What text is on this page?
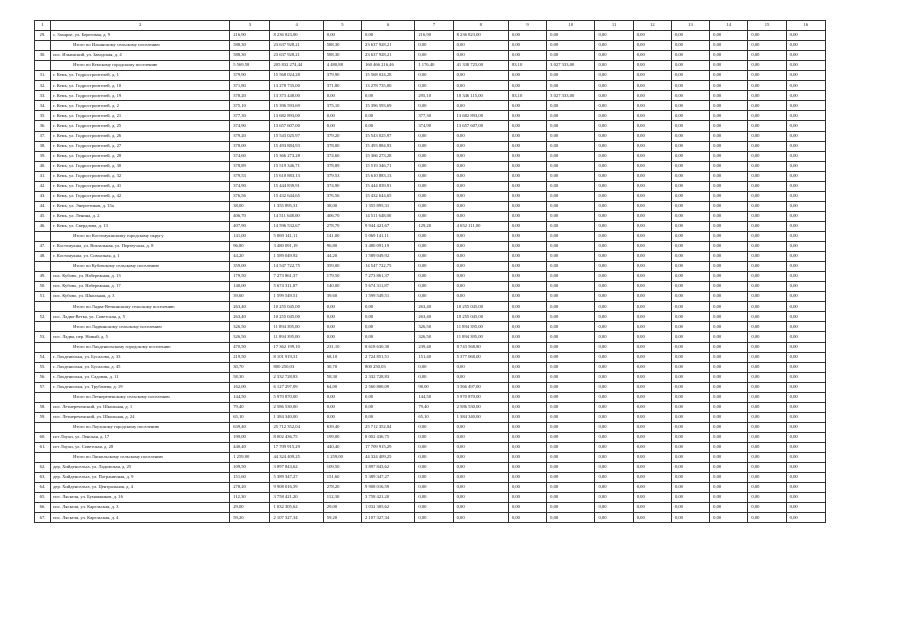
1	2	3	4	5	6	7	8	9	10	11	12	13	14	15	16
29.	с. Захарье, ул. Береговая, д. 9	216,90	8 236 823,00	0,00	0,00	216,90	8 236 823,00	0,00	0,00	0,00	0,00	0,00	0,00	0,00	0,00
	Итого по Ильинскому сельскому поселению	588,30	23 637 928,21	588,30	23 637 928,21	0,00	0,00	0,00	0,00	0,00	0,00	0,00	0,00	0,00	0,00
30.	пос. Ильинский, ул. Заводская, д. 4	588,30	23 637 928,21	588,30	23 637 928,21	0,00	0,00	0,00	0,00	0,00	0,00	0,00	0,00	0,00	0,00
	Итого по Кемскому городскому поселению	5 569,58	205 832 274,44	4 480,88	160 466 216,46	1 176,40	41 338 725,00	83,10	3 027 333,00	0,00	0,00	0,00	0,00	0,00	0,00
31.	г. Кемь, ул. Гидростроителей, д. 1	379,90	15 568 024,28	379,90	15 568 024,28	0,00	0,00	0,00	0,00	0,00	0,00	0,00	0,00	0,00	0,00
32.	г. Кемь, ул. Гидростроителей, д. 10	371,80	13 278 735,00	371,80	13 278 735,00	0,00	0,00	0,00	0,00	0,00	0,00	0,00	0,00	0,00	0,00
33.	г. Кемь, ул. Гидростроителей, д. 19	378,20	13 373 448,00	0,00	0,00	295,10	10 346 115,00	83,10	3 027 333,00	0,00	0,00	0,00	0,00	0,00	0,00
34.	г. Кемь, ул. Гидростроителей, д. 2	375,10	15 396 593,69	375,10	15 396 593,69	0,00	0,00	0,00	0,00	0,00	0,00	0,00	0,00	0,00	0,00
35.	г. Кемь, ул. Гидростроителей, д. 21	377,30	13 682 893,00	0,00	0,00	377,30	13 682 893,00	0,00	0,00	0,00	0,00	0,00	0,00	0,00	0,00
36.	г. Кемь, ул. Гидростроителей, д. 25	374,90	13 657 607,00	0,00	0,00	374,90	13 657 607,00	0,00	0,00	0,00	0,00	0,00	0,00	0,00	0,00
37.	г. Кемь, ул. Гидростроителей, д. 26	379,20	15 543 025,97	379,20	15 543 025,97	0,00	0,00	0,00	0,00	0,00	0,00	0,00	0,00	0,00	0,00
38.	г. Кемь, ул. Гидростроителей, д. 27	378,00	15 493 884,93	378,00	15 493 884,93	0,00	0,00	0,00	0,00	0,00	0,00	0,00	0,00	0,00	0,00
39.	г. Кемь, ул. Гидростроителей, д. 28	374,60	15 366 273,28	374,60	15 366 273,28	0,00	0,00	0,00	0,00	0,00	0,00	0,00	0,00	0,00	0,00
40.	г. Кемь, ул. Гидростроителей, д. 30	378,89	15 519 346,71	378,89	15 519 346,71	0,00	0,00	0,00	0,00	0,00	0,00	0,00	0,00	0,00	0,00
41.	г. Кемь, ул. Гидростроителей, д. 32	379,53	15 610 883,13	379,53	15 610 883,13	0,00	0,00	0,00	0,00	0,00	0,00	0,00	0,00	0,00	0,00
42.	г. Кемь, ул. Гидростроителей, д. 41	374,90	15 444 839,91	374,90	15 444 839,91	0,00	0,00	0,00	0,00	0,00	0,00	0,00	0,00	0,00	0,00
43.	г. Кемь, ул. Гидростроителей, д. 42	376,56	15 432 644,65	376,56	15 432 644,65	0,00	0,00	0,00	0,00	0,00	0,00	0,00	0,00	0,00	0,00
44.	г. Кемь, ул. Энергетиков, д. 15а	38,00	1 355 895,31	38,00	1 355 895,31	0,00	0,00	0,00	0,00	0,00	0,00	0,00	0,00	0,00	0,00
45.	г. Кемь, ул. Ленина, д. 2	406,70	14 511 648,00	406,70	14 511 648,00	0,00	0,00	0,00	0,00	0,00	0,00	0,00	0,00	0,00	0,00
46.	г. Кемь, ул. Свердлова, д. 13	407,90	14 596 532,67	278,70	9 944 421,67	129,20	4 652 111,00	0,00	0,00	0,00	0,00	0,00	0,00	0,00	0,00
	Итого по Костомукшскому городскому округу	141,00	5 069 141,11	141,00	5 069 141,11	0,00	0,00	0,00	0,00	0,00	0,00	0,00	0,00	0,00	0,00
47.	г. Костомукша, ул. Вокзальная, ул. Пертеучала, д. 8	96,80	3 480 091,19	96,80	3 480 091,19	0,00	0,00	0,00	0,00	0,00	0,00	0,00	0,00	0,00	0,00
48.	г. Костомукша, ул. Совхозная, д. 1	44,20	1 589 049,92	44,20	1 589 049,92	0,00	0,00	0,00	0,00	0,00	0,00	0,00	0,00	0,00	0,00
	Итого по Кубовскому сельскому поселению	359,00	14 547 722,75	359,00	14 547 722,75	0,00	0,00	0,00	0,00	0,00	0,00	0,00	0,00	0,00	0,00
49.	пос. Кубово, ул. Набережная, д. 13	179,50	7 273 861,37	179,50	7 273 861,37	0,00	0,00	0,00	0,00	0,00	0,00	0,00	0,00	0,00	0,00
50.	пос. Кубово, ул. Набережная, д. 17	140,00	5 674 311,87	140,00	5 674 311,87	0,00	0,00	0,00	0,00	0,00	0,00	0,00	0,00	0,00	0,00
51.	пос. Кубово, ул. Школьная, д. 3	39,60	1 599 549,51	39,60	1 599 549,51	0,00	0,00	0,00	0,00	0,00	0,00	0,00	0,00	0,00	0,00
	Итого по Ладва-Веткинскому сельскому поселению	263,40	10 255 045,00	0,00	0,00	263,40	10 255 045,00	0,00	0,00	0,00	0,00	0,00	0,00	0,00	0,00
52.	пос. Ладва-Ветка, ул. Советская, д. 5	263,40	10 255 045,00	0,00	0,00	263,40	10 255 045,00	0,00	0,00	0,00	0,00	0,00	0,00	0,00	0,00
	Итого по Ладвинскому сельскому поселению	326,50	11 894 395,00	0,00	0,00	326,50	11 894 395,00	0,00	0,00	0,00	0,00	0,00	0,00	0,00	0,00
53.	пос. Ладва, пер. Новый, д. 5	326,50	11 894 395,00	0,00	0,00	326,50	11 894 395,00	0,00	0,00	0,00	0,00	0,00	0,00	0,00	0,00
	Итого по Лахденпохскому городскому поселению	470,50	17 362 199,10	231,10	8 618 630,30	239,40	8 743 568,80	0,00	0,00	0,00	0,00	0,00	0,00	0,00	0,00
54.	г. Лахденпохья, ул. Бусалова, д. 33	219,50	8 101 919,31	68,10	2 724 851,51	151,40	5 377 068,00	0,00	0,00	0,00	0,00	0,00	0,00	0,00	0,00
55.	г. Лахденпохья, ул. Бусалова, д. 45	30,70	800 250,03	30,70	800 250,03	0,00	0,00	0,00	0,00	0,00	0,00	0,00	0,00	0,00	0,00
56.	г. Лахденпохья, ул. Садовая, д. 11	58,30	2 332 728,83	58,30	2 332 728,83	0,00	0,00	0,00	0,00	0,00	0,00	0,00	0,00	0,00	0,00
57.	г. Лахденпохья, ул. Трубачева, д. 19	162,00	6 127 297,09	64,00	2 560 800,09	98,00	3 566 497,00	0,00	0,00	0,00	0,00	0,00	0,00	0,00	0,00
	Итого по Летнереченскому сельскому поселению	144,50	5 970 870,00	0,00	0,00	144,50	5 970 870,00	0,00	0,00	0,00	0,00	0,00	0,00	0,00	0,00
58.	пос. Летнереченский, ул. Школьная, д. 1	79,40	2 586 530,00	0,00	0,00	79,40	2 586 530,00	0,00	0,00	0,00	0,00	0,00	0,00	0,00	0,00
59.	пос. Летнереченский, ул. Школьная, д. 24	65,10	1 384 340,00	0,00	0,00	65,10	1 384 340,00	0,00	0,00	0,00	0,00	0,00	0,00	0,00	0,00
	Итого по Лоухскому городскому поселению	639,40	25 712 352,04	639,40	25 712 352,04	0,00	0,00	0,00	0,00	0,00	0,00	0,00	0,00	0,00	0,00
60.	пгт Лоухи, ул. Ленская, д. 17	199,00	8 002 436,75	199,00	8 002 436,75	0,00	0,00	0,00	0,00	0,00	0,00	0,00	0,00	0,00	0,00
61.	пгт Лоухи, ул. Советская, д. 28	440,40	17 709 915,29	440,40	17 709 915,29	0,00	0,00	0,00	0,00	0,00	0,00	0,00	0,00	0,00	0,00
	Итого по Ляскельскому сельскому поселению	1 259,00	44 324 409,25	1 259,00	44 324 409,25	0,00	0,00	0,00	0,00	0,00	0,00	0,00	0,00	0,00	0,00
62.	дер. Хийденсельга, ул. Ладожская, д. 25	109,50	3 897 843,62	109,50	3 897 843,62	0,00	0,00	0,00	0,00	0,00	0,00	0,00	0,00	0,00	0,00
63.	дер. Хийденсельга, ул. Пограничная, д. 9	151,60	5 389 347,27	151,60	5 389 347,27	0,00	0,00	0,00	0,00	0,00	0,00	0,00	0,00	0,00	0,00
64.	дер. Хийденсельга, ул. Центральная, д. 4	278,20	9 908 016,59	278,20	9 908 016,59	0,00	0,00	0,00	0,00	0,00	0,00	0,00	0,00	0,00	0,00
65.	пос. Ляскеля, ул. Бумажников, д. 16	112,30	3 758 421,20	112,30	3 758 421,20	0,00	0,00	0,00	0,00	0,00	0,00	0,00	0,00	0,00	0,00
66.	пос. Ляскеля, ул. Карельская, д. 3	29,00	1 032 305,62	29,00	1 032 305,62	0,00	0,00	0,00	0,00	0,00	0,00	0,00	0,00	0,00	0,00
67.	пос. Ляскеля, ул. Карельская, д. 4	59,20	2 107 327,34	59,20	2 107 327,34	0,00	0,00	0,00	0,00	0,00	0,00	0,00	0,00	0,00	0,00
